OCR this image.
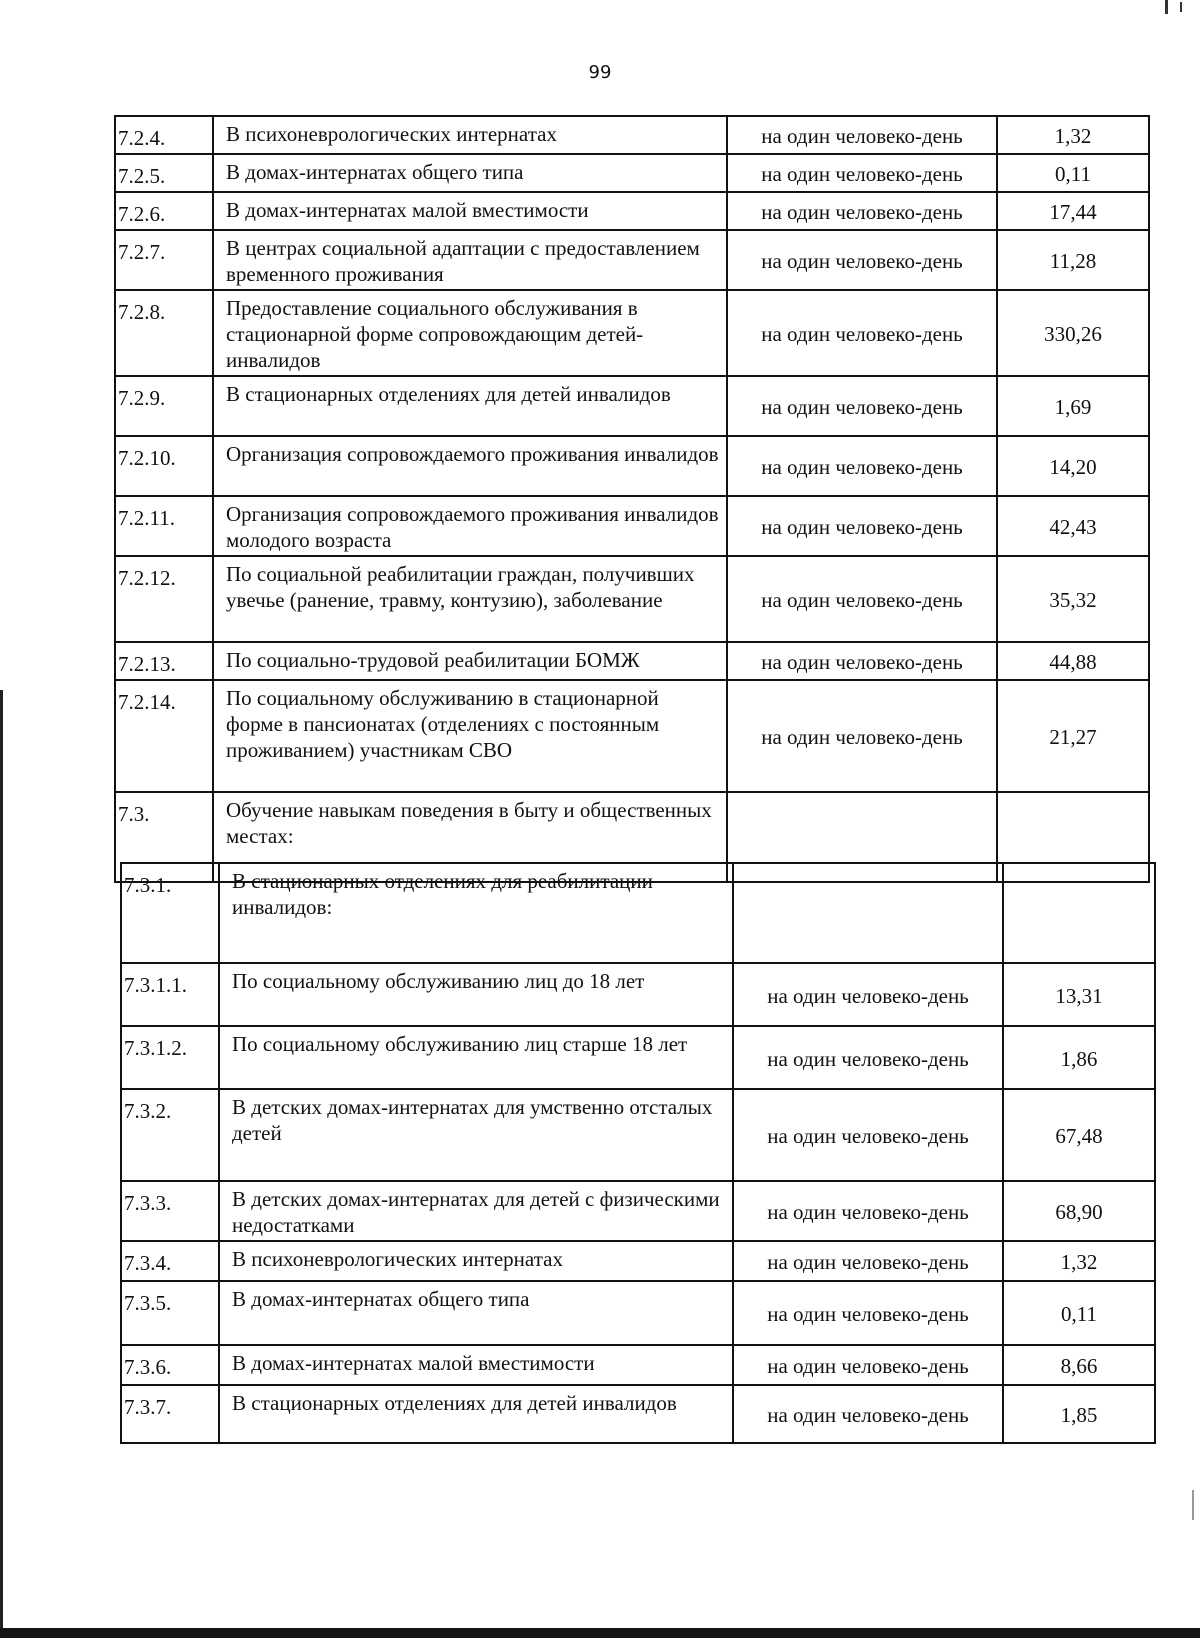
99
7.2.4.	В психоневрологических интернатах	на один человеко-день	1,32
7.2.5.	В домах-интернатах общего типа	на один человеко-день	0,11
7.2.6.	В домах-интернатах малой вместимости	на один человеко-день	17,44
7.2.7.	В центрах социальной адаптации с предоставлением временного проживания	на один человеко-день	11,28
7.2.8.	Предоставление социального обслуживания в стационарной форме сопровождающим детей-инвалидов	на один человеко-день	330,26
7.2.9.	В стационарных отделениях для детей инвалидов	на один человеко-день	1,69
7.2.10.	Организация сопровождаемого проживания инвалидов	на один человеко-день	14,20
7.2.11.	Организация сопровождаемого проживания инвалидов молодого возраста	на один человеко-день	42,43
7.2.12.	По социальной реабилитации граждан, получивших увечье (ранение, травму, контузию), заболевание	на один человеко-день	35,32
7.2.13.	По социально-трудовой реабилитации БОМЖ	на один человеко-день	44,88
7.2.14.	По социальному обслуживанию в стационарной форме в пансионатах (отделениях с постоянным проживанием) участникам СВО	на один человеко-день	21,27
7.3.	Обучение навыкам поведения в быту и общественных местах:		
7.3.1.	В стационарных отделениях для реабилитации инвалидов:		
7.3.1.1.	По социальному обслуживанию лиц до 18 лет	на один человеко-день	13,31
7.3.1.2.	По социальному обслуживанию лиц старше 18 лет	на один человеко-день	1,86
7.3.2.	В детских домах-интернатах для умственно отсталых детей	на один человеко-день	67,48
7.3.3.	В детских домах-интернатах для детей с физическими недостатками	на один человеко-день	68,90
7.3.4.	В психоневрологических интернатах	на один человеко-день	1,32
7.3.5.	В домах-интернатах общего типа	на один человеко-день	0,11
7.3.6.	В домах-интернатах малой вместимости	на один человеко-день	8,66
7.3.7.	В стационарных отделениях для детей инвалидов	на один человеко-день	1,85
